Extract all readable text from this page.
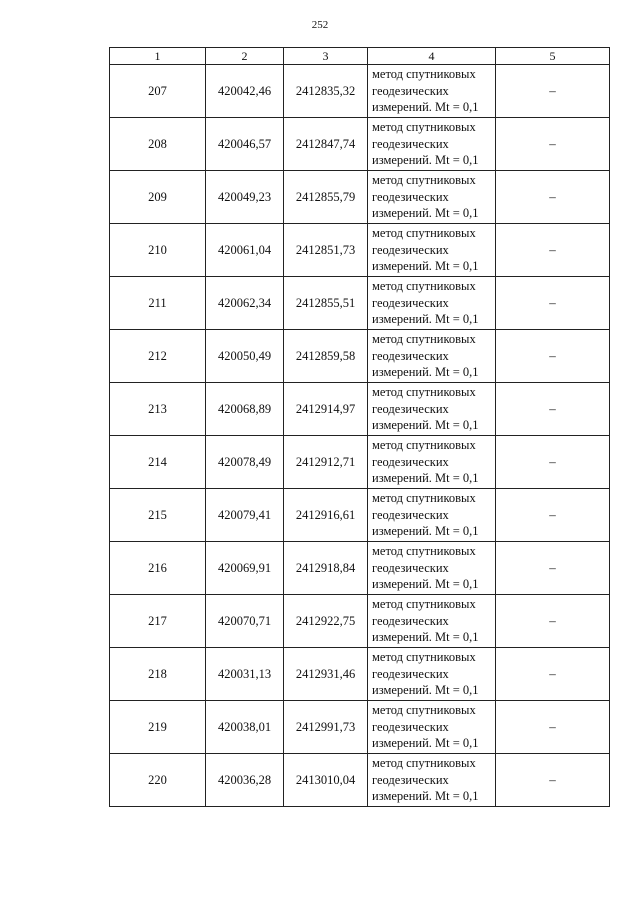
252
1	2	3	4	5
207	420042,46	2412835,32	метод спутниковых
геодезических
измерений. Mt = 0,1	–
208	420046,57	2412847,74	метод спутниковых
геодезических
измерений. Mt = 0,1	–
209	420049,23	2412855,79	метод спутниковых
геодезических
измерений. Mt = 0,1	–
210	420061,04	2412851,73	метод спутниковых
геодезических
измерений. Mt = 0,1	–
211	420062,34	2412855,51	метод спутниковых
геодезических
измерений. Mt = 0,1	–
212	420050,49	2412859,58	метод спутниковых
геодезических
измерений. Mt = 0,1	–
213	420068,89	2412914,97	метод спутниковых
геодезических
измерений. Mt = 0,1	–
214	420078,49	2412912,71	метод спутниковых
геодезических
измерений. Mt = 0,1	–
215	420079,41	2412916,61	метод спутниковых
геодезических
измерений. Mt = 0,1	–
216	420069,91	2412918,84	метод спутниковых
геодезических
измерений. Mt = 0,1	–
217	420070,71	2412922,75	метод спутниковых
геодезических
измерений. Mt = 0,1	–
218	420031,13	2412931,46	метод спутниковых
геодезических
измерений. Mt = 0,1	–
219	420038,01	2412991,73	метод спутниковых
геодезических
измерений. Mt = 0,1	–
220	420036,28	2413010,04	метод спутниковых
геодезических
измерений. Mt = 0,1	–
